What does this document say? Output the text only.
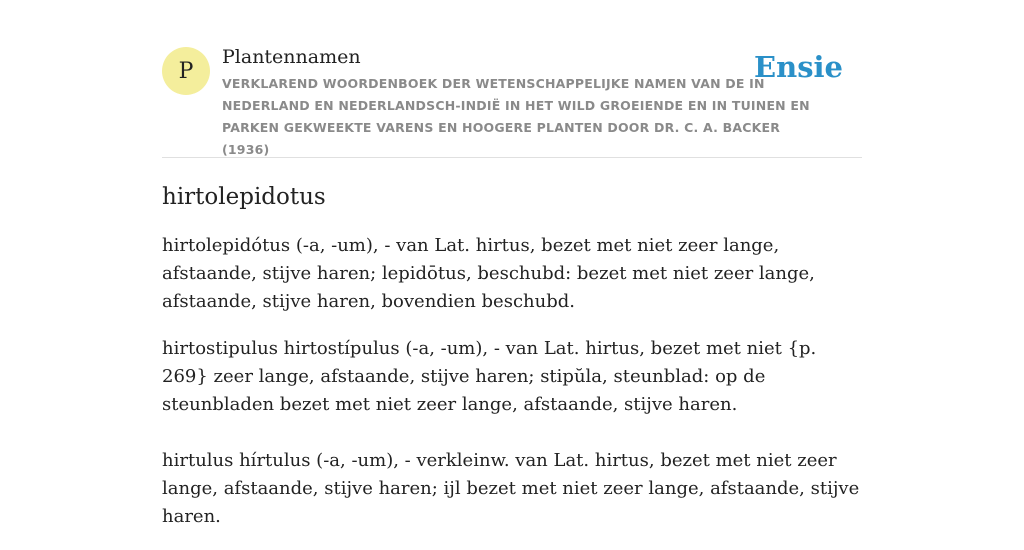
P
Plantennamen
VERKLAREND WOORDENBOEK DER WETENSCHAPPELIJKE NAMEN VAN DE IN NEDERLAND EN NEDERLANDSCH-INDIË IN HET WILD GROEIENDE EN IN TUINEN EN PARKEN GEKWEEKTE VARENS EN HOOGERE PLANTEN DOOR DR. C. A. BACKER (1936)
Ensie
hirtolepidotus

hirtolepidótus (-a, -um), - van Lat. hirtus, bezet met niet zeer lange, afstaande, stijve haren; lepidōtus, beschubd: bezet met niet zeer lange, afstaande, stijve haren, bovendien beschubd.

hirtostipulus hirtostípulus (-a, -um), - van Lat. hirtus, bezet met niet {p. 269} zeer lange, afstaande, stijve haren; stipŭla, steunblad: op de steunbladen bezet met niet zeer lange, afstaande, stijve haren.

hirtulus hírtulus (-a, -um), - verkleinw. van Lat. hirtus, bezet met niet zeer lange, afstaande, stijve haren; ijl bezet met niet zeer lange, afstaande, stijve haren.
